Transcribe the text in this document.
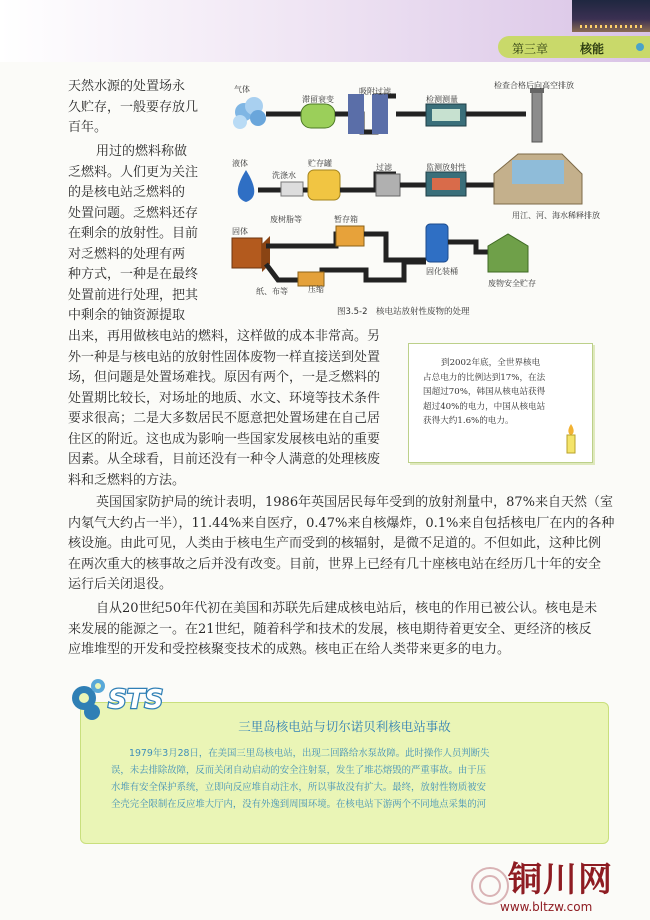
第三章	核能

天然水源的处置场永
久贮存，一般要存放几
百年。

用过的燃料称做
乏燃料。人们更为关注
的是核电站乏燃料的
处置问题。乏燃料还存
在剩余的放射性。目前
对乏燃料的处理有两
种方式，一种是在最终
处置前进行处理，把其
中剩余的铀资源提取

出来，再用做核电站的燃料，这样做的成本非常高。另
外一种是与核电站的放射性固体废物一样直接送到处置
场，但问题是处置场难找。原因有两个，一是乏燃料的
处置期比较长，对场址的地质、水文、环境等技术条件
要求很高；二是大多数居民不愿意把处置场建在自己居
住区的附近。这也成为影响一些国家发展核电站的重要
因素。从全球看，目前还没有一种令人满意的处理核废
料和乏燃料的方法。

气体
滞留衰变
吸附过滤
检测测量
检查合格后向高空排放
液体
洗涤水
贮存罐	过滤	监测放射性
用江、河、海水稀释排放
固体
废树脂等	暂存箱
固化装桶
纸、布等	压缩
废物安全贮存
图3.5-2　核电站放射性废物的处理
到2002年底，全世界核电
占总电力的比例达到17%，在法
国超过70%，韩国从核电站获得
超过40%的电力，中国从核电站
获得大约1.6%的电力。

英国国家防护局的统计表明，1986年英国居民每年受到的放射剂量中，87%来自天然（室
内氡气大约占一半），11.44%来自医疗，0.47%来自核爆炸，0.1%来自包括核电厂在内的各种
核设施。由此可见，人类由于核电生产而受到的核辐射，是微不足道的。不但如此，这种比例
在两次重大的核事故之后并没有改变。目前，世界上已经有几十座核电站在经历几十年的安全
运行后关闭退役。

自从20世纪50年代初在美国和苏联先后建成核电站后，核电的作用已被公认。核电是未
来发展的能源之一。在21世纪，随着科学和技术的发展，核电期待着更安全、更经济的核反
应堆堆型的开发和受控核聚变技术的成熟。核电正在给人类带来更多的电力。

三里岛核电站与切尔诺贝利核电站事故
1979年3月28日，在美国三里岛核电站，出现二回路给水泵故障。此时操作人员判断失
误，未去排除故障，反而关闭自动启动的安全注射泵，发生了堆芯熔毁的严重事故。由于压
水堆有安全保护系统，立即向反应堆自动注水，所以事故没有扩大。最终，放射性物质被安
全壳完全限制在反应堆大厅内，没有外逸到周围环境。在核电站下游两个不同地点采集的河
STS
铜川网
www.bltzw.com
